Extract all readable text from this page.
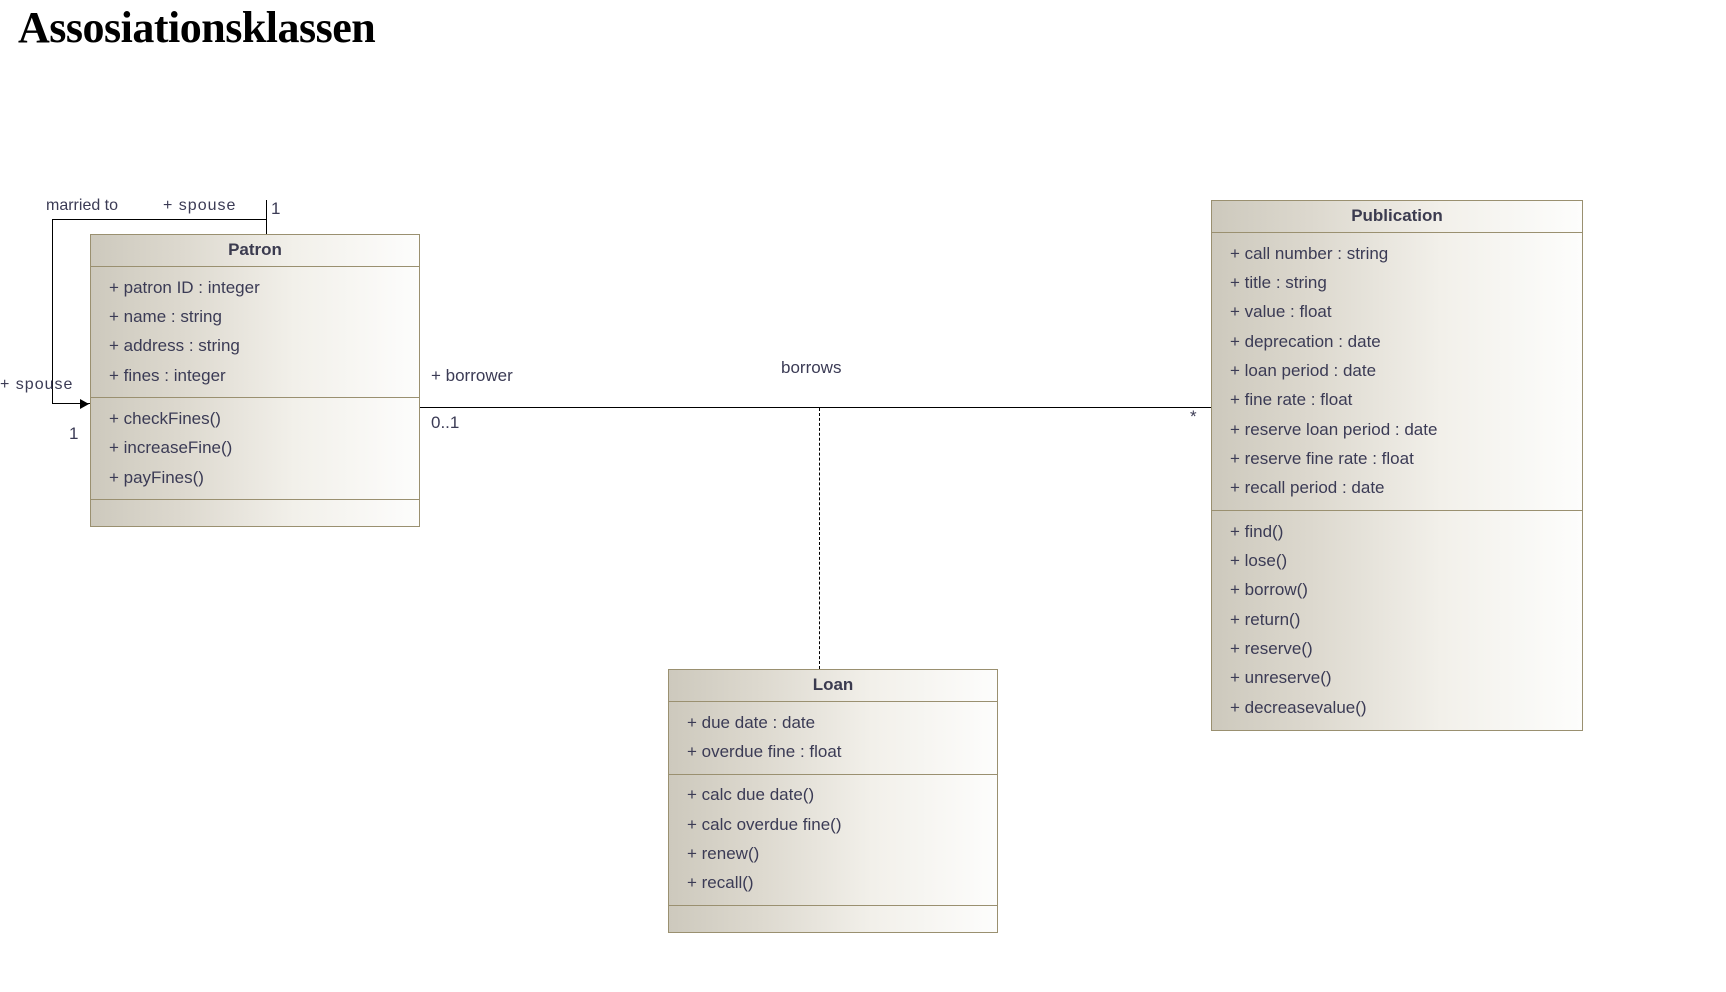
Assosiationsklassen
married to	+ spouse 1
+ spouse
1
borrows
+ borrower
0..1	*
Patron
+ patron ID : integer
+ name : string
+ address : string
+ fines : integer
+ checkFines()
+ increaseFine()
+ payFines()
Publication
+ call number : string
+ title : string
+ value : float
+ deprecation : date
+ loan period : date
+ fine rate : float
+ reserve loan period : date
+ reserve fine rate : float
+ recall period : date
+ find()
+ lose()
+ borrow()
+ return()
+ reserve()
+ unreserve()
+ decreasevalue()
Loan
+ due date : date
+ overdue fine : float
+ calc due date()
+ calc overdue fine()
+ renew()
+ recall()
